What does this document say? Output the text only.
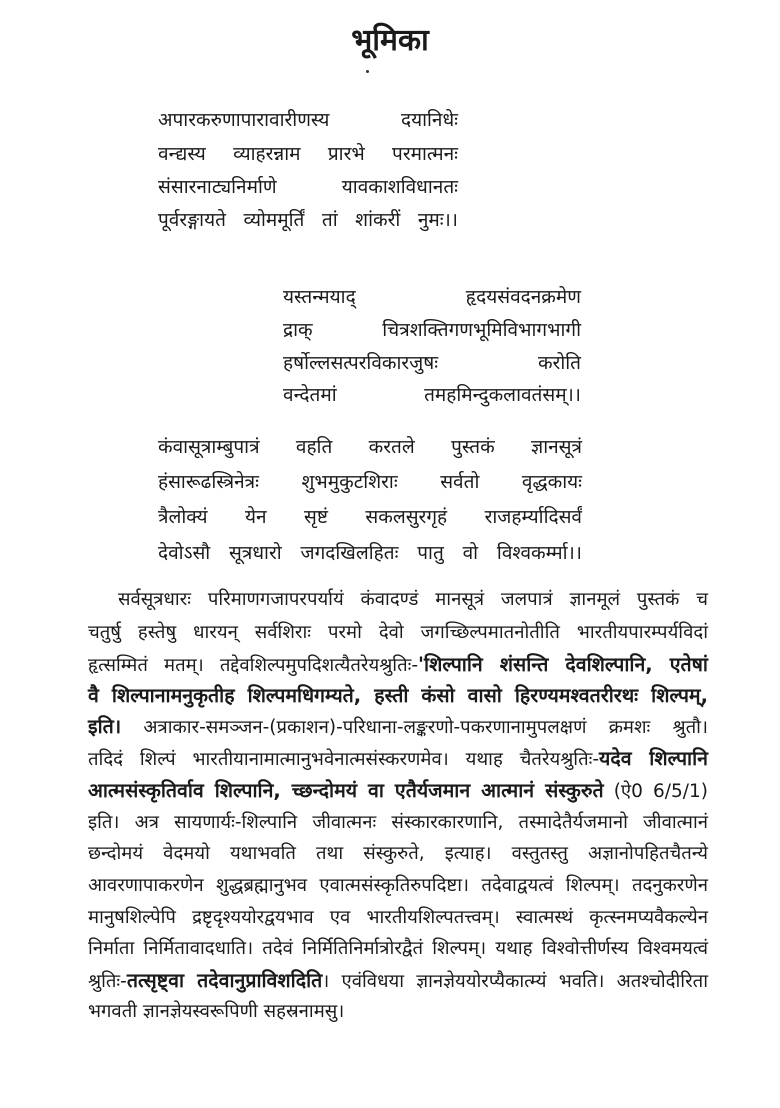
भूमिका
अपारकरुणापारावारीणस्य दयानिधेः
वन्द्यस्य व्याहरन्नाम प्रारभे परमात्मनः
संसारनाट्यनिर्माणे यावकाशविधानतः
पूर्वरङ्गायते व्योममूर्तिं तां शांकरीं नुमः।।
यस्तन्मयाद् हृदयसंवदनक्रमेण
द्राक् चित्रशक्तिगणभूमिविभागभागी
हर्षोल्लसत्परविकारजुषः करोति
वन्देतमां तमहमिन्दुकलावतंसम्।।
कंवासूत्राम्बुपात्रं वहति करतले पुस्तकं ज्ञानसूत्रं
हंसारूढस्त्रिनेत्रः शुभमुकुटशिराः सर्वतो वृद्धकायः
त्रैलोक्यं येन सृष्टं सकलसुरगृहं राजहर्म्यादिसर्वं
देवोऽसौ सूत्रधारो जगदखिलहितः पातु वो विश्वकर्म्मा।।
सर्वसूत्रधारः परिमाणगजापरपर्यायं कंवादण्डं मानसूत्रं जलपात्रं ज्ञानमूलं पुस्तकं च
चतुर्षु हस्तेषु धारयन् सर्वशिराः परमो देवो जगच्छिल्पमातनोतीति भारतीयपारम्पर्यविदां
हृत्सम्मितं मतम्। तद्देवशिल्पमुपदिशत्यैतरेयश्रुतिः-'शिल्पानि शंसन्ति देवशिल्पानि, एतेषां
वै शिल्पानामनुकृतीह शिल्पमधिगम्यते, हस्ती कंसो वासो हिरण्यमश्वतरीरथः शिल्पम्,
इति। अत्राकार-समञ्जन-(प्रकाशन)-परिधाना-लङ्करणो-पकरणानामुपलक्षणं क्रमशः श्रुतौ।
तदिदं शिल्पं भारतीयानामात्मानुभवेनात्मसंस्करणमेव। यथाह चैतरेयश्रुतिः-यदेव शिल्पानि
आत्मसंस्कृतिर्वाव शिल्पानि, च्छन्दोमयं वा एतैर्यजमान आत्मानं संस्कुरुते (ऐ0 6/5/1)
इति। अत्र सायणार्यः-शिल्पानि जीवात्मनः संस्कारकारणानि, तस्मादेतैर्यजमानो जीवात्मानं
छन्दोमयं वेदमयो यथाभवति तथा संस्कुरुते, इत्याह। वस्तुतस्तु अज्ञानोपहितचैतन्ये
आवरणापाकरणेन शुद्धब्रह्मानुभव एवात्मसंस्कृतिरुपदिष्टा। तदेवाद्वयत्वं शिल्पम्। तदनुकरणेन
मानुषशिल्पेपि द्रष्टृदृश्ययोरद्वयभाव एव भारतीयशिल्पतत्त्वम्। स्वात्मस्थं कृत्स्नमप्यवैकल्येन
निर्माता निर्मितावादधाति। तदेवं निर्मितिनिर्मात्रोरद्वैतं शिल्पम्। यथाह विश्वोत्तीर्णस्य विश्वमयत्वं
श्रुतिः-तत्सृष्ट्वा तदेवानुप्राविशदिति। एवंविधया ज्ञानज्ञेययोरप्यैकात्म्यं भवति। अतश्चोदीरिता
भगवती ज्ञानज्ञेयस्वरूपिणी सहस्रनामसु।
